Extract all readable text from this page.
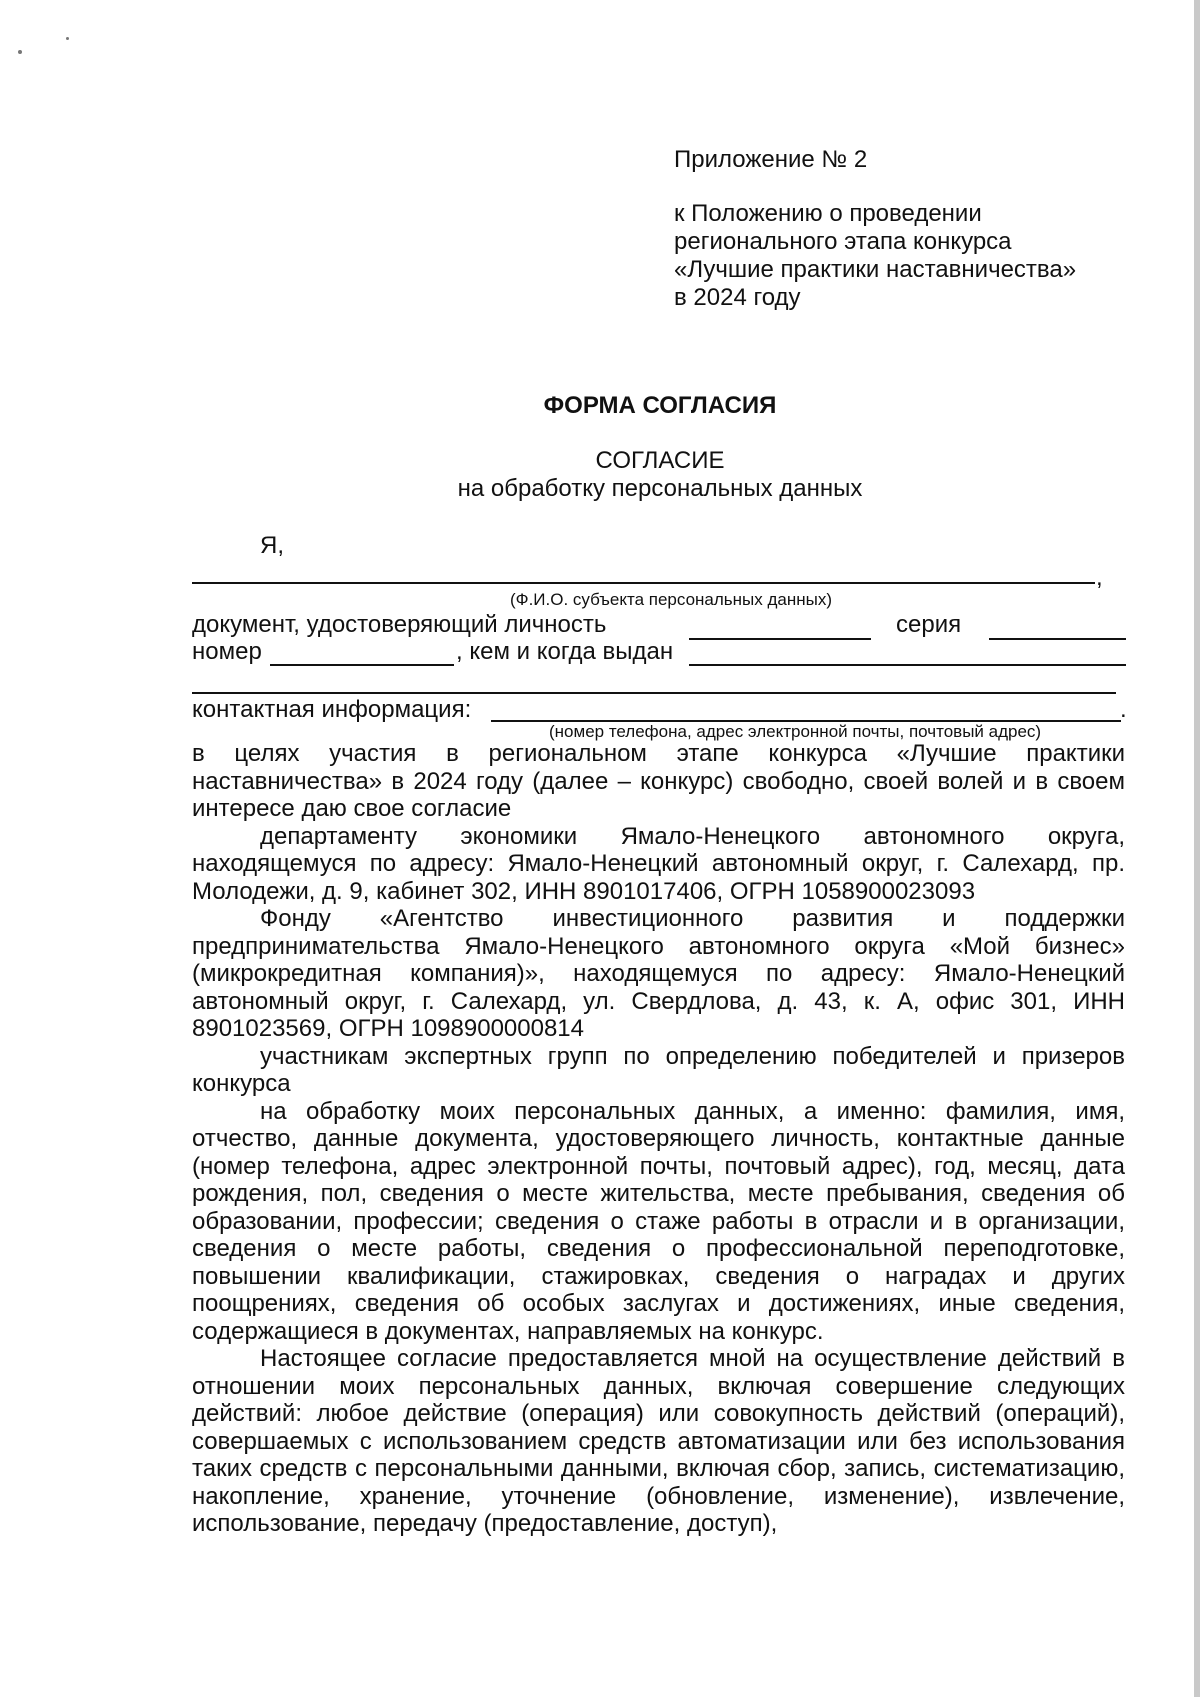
Приложение № 2
к Положению о проведении
регионального этапа конкурса
«Лучшие практики наставничества»
в 2024 году
ФОРМА СОГЛАСИЯ
СОГЛАСИЕ
на обработку персональных данных
Я,
,
(Ф.И.О. субъекта персональных данных)
документ, удостоверяющий личность	серия
номер	, кем и когда выдан
контактная информация:	.
(номер телефона, адрес электронной почты, почтовый адрес)

в целях участия в региональном этапе конкурса «Лучшие практики наставничества» в 2024 году (далее – конкурс) свободно, своей волей и в своем интересе даю свое согласие

департаменту экономики Ямало-Ненецкого автономного округа, находящемуся по адресу: Ямало-Ненецкий автономный округ, г. Салехард, пр. Молодежи, д. 9, кабинет 302, ИНН 8901017406, ОГРН 1058900023093

Фонду «Агентство инвестиционного развития и поддержки предпринимательства Ямало-Ненецкого автономного округа «Мой бизнес» (микрокредитная компания)», находящемуся по адресу: Ямало-Ненецкий автономный округ, г. Салехард, ул. Свердлова, д. 43, к. А, офис 301, ИНН 8901023569, ОГРН 1098900000814

участникам экспертных групп по определению победителей и призеров конкурса

на обработку моих персональных данных, а именно: фамилия, имя, отчество, данные документа, удостоверяющего личность, контактные данные (номер телефона, адрес электронной почты, почтовый адрес), год, месяц, дата рождения, пол, сведения о месте жительства, месте пребывания, сведения об образовании, профессии; сведения о стаже работы в отрасли и в организации, сведения о месте работы, сведения о профессиональной переподготовке, повышении квалификации, стажировках, сведения о наградах и других поощрениях, сведения об особых заслугах и достижениях, иные сведения, содержащиеся в документах, направляемых на конкурс.

Настоящее согласие предоставляется мной на осуществление действий в отношении моих персональных данных, включая совершение следующих действий: любое действие (операция) или совокупность действий (операций), совершаемых с использованием средств автоматизации или без использования таких средств с персональными данными, включая сбор, запись, систематизацию, накопление, хранение, уточнение (обновление, изменение), извлечение, использование, передачу (предоставление, доступ),
